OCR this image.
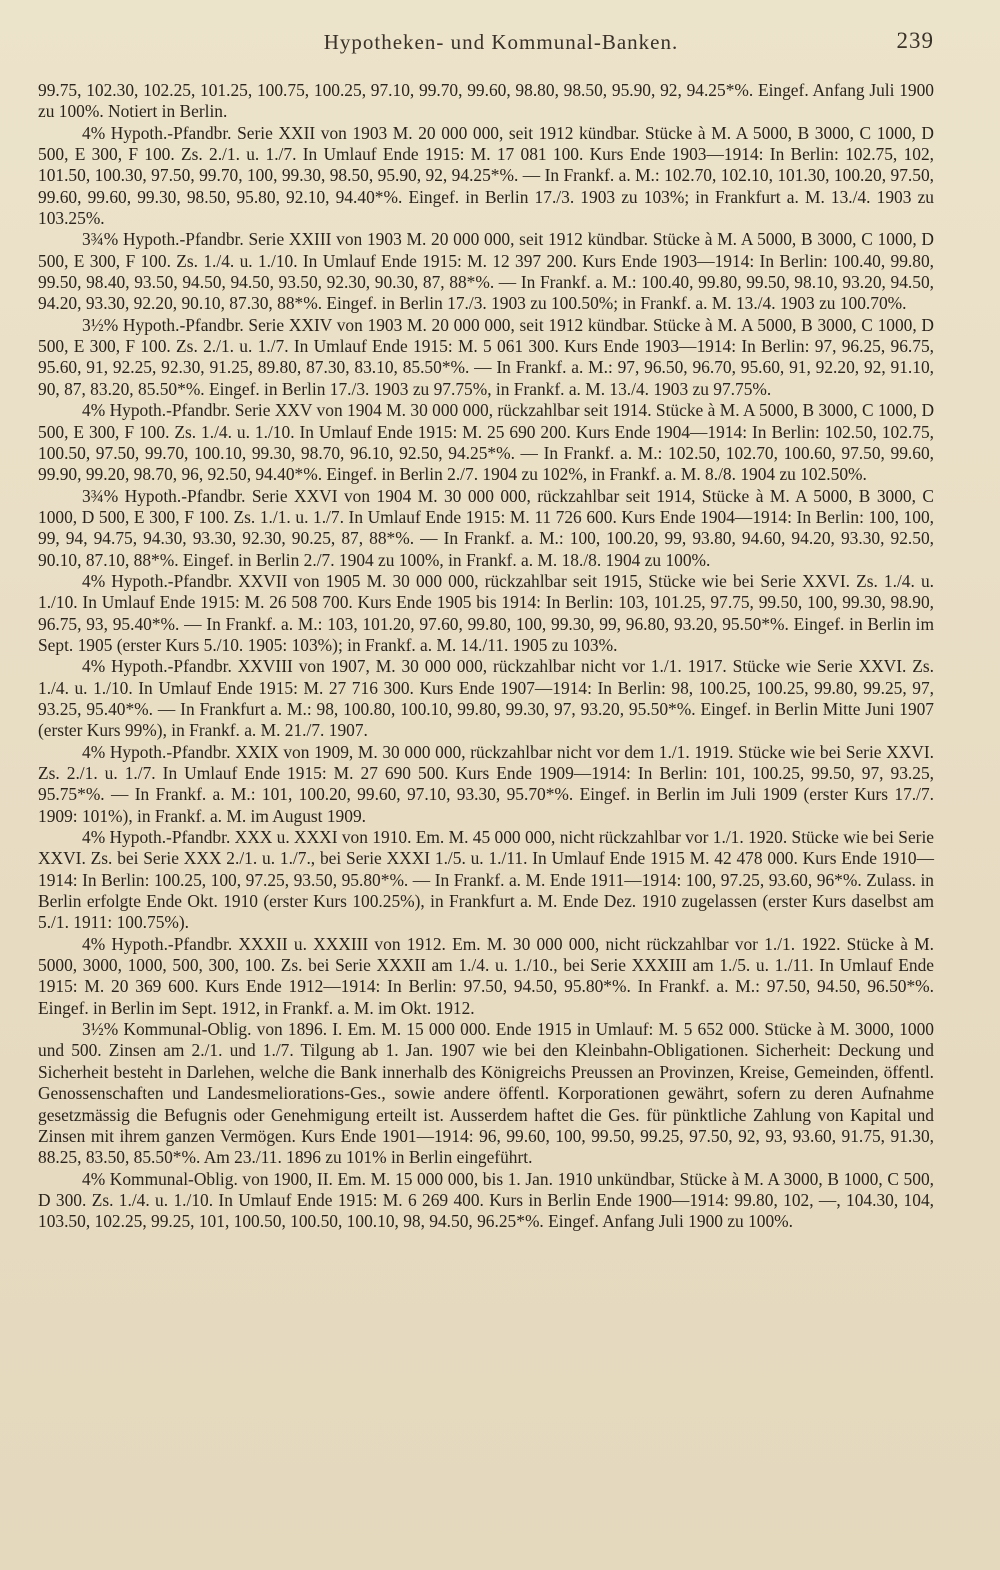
Hypotheken- und Kommunal-Banken.	239

99.75, 102.30, 102.25, 101.25, 100.75, 100.25, 97.10, 99.70, 99.60, 98.80, 98.50, 95.90, 92, 94.25*%. Eingef. Anfang Juli 1900 zu 100%. Notiert in Berlin.

4% Hypoth.-Pfandbr. Serie XXII von 1903 M. 20 000 000, seit 1912 kündbar. Stücke à M. A 5000, B 3000, C 1000, D 500, E 300, F 100. Zs. 2./1. u. 1./7. In Umlauf Ende 1915: M. 17 081 100. Kurs Ende 1903—1914: In Berlin: 102.75, 102, 101.50, 100.30, 97.50, 99.70, 100, 99.30, 98.50, 95.90, 92, 94.25*%. — In Frankf. a. M.: 102.70, 102.10, 101.30, 100.20, 97.50, 99.60, 99.60, 99.30, 98.50, 95.80, 92.10, 94.40*%. Eingef. in Berlin 17./3. 1903 zu 103%; in Frankfurt a. M. 13./4. 1903 zu 103.25%.

3¾% Hypoth.-Pfandbr. Serie XXIII von 1903 M. 20 000 000, seit 1912 kündbar. Stücke à M. A 5000, B 3000, C 1000, D 500, E 300, F 100. Zs. 1./4. u. 1./10. In Umlauf Ende 1915: M. 12 397 200. Kurs Ende 1903—1914: In Berlin: 100.40, 99.80, 99.50, 98.40, 93.50, 94.50, 94.50, 93.50, 92.30, 90.30, 87, 88*%. — In Frankf. a. M.: 100.40, 99.80, 99.50, 98.10, 93.20, 94.50, 94.20, 93.30, 92.20, 90.10, 87.30, 88*%. Eingef. in Berlin 17./3. 1903 zu 100.50%; in Frankf. a. M. 13./4. 1903 zu 100.70%.

3½% Hypoth.-Pfandbr. Serie XXIV von 1903 M. 20 000 000, seit 1912 kündbar. Stücke à M. A 5000, B 3000, C 1000, D 500, E 300, F 100. Zs. 2./1. u. 1./7. In Umlauf Ende 1915: M. 5 061 300. Kurs Ende 1903—1914: In Berlin: 97, 96.25, 96.75, 95.60, 91, 92.25, 92.30, 91.25, 89.80, 87.30, 83.10, 85.50*%. — In Frankf. a. M.: 97, 96.50, 96.70, 95.60, 91, 92.20, 92, 91.10, 90, 87, 83.20, 85.50*%. Eingef. in Berlin 17./3. 1903 zu 97.75%, in Frankf. a. M. 13./4. 1903 zu 97.75%.

4% Hypoth.-Pfandbr. Serie XXV von 1904 M. 30 000 000, rückzahlbar seit 1914. Stücke à M. A 5000, B 3000, C 1000, D 500, E 300, F 100. Zs. 1./4. u. 1./10. In Umlauf Ende 1915: M. 25 690 200. Kurs Ende 1904—1914: In Berlin: 102.50, 102.75, 100.50, 97.50, 99.70, 100.10, 99.30, 98.70, 96.10, 92.50, 94.25*%. — In Frankf. a. M.: 102.50, 102.70, 100.60, 97.50, 99.60, 99.90, 99.20, 98.70, 96, 92.50, 94.40*%. Eingef. in Berlin 2./7. 1904 zu 102%, in Frankf. a. M. 8./8. 1904 zu 102.50%.

3¾% Hypoth.-Pfandbr. Serie XXVI von 1904 M. 30 000 000, rückzahlbar seit 1914, Stücke à M. A 5000, B 3000, C 1000, D 500, E 300, F 100. Zs. 1./1. u. 1./7. In Umlauf Ende 1915: M. 11 726 600. Kurs Ende 1904—1914: In Berlin: 100, 100, 99, 94, 94.75, 94.30, 93.30, 92.30, 90.25, 87, 88*%. — In Frankf. a. M.: 100, 100.20, 99, 93.80, 94.60, 94.20, 93.30, 92.50, 90.10, 87.10, 88*%. Eingef. in Berlin 2./7. 1904 zu 100%, in Frankf. a. M. 18./8. 1904 zu 100%.

4% Hypoth.-Pfandbr. XXVII von 1905 M. 30 000 000, rückzahlbar seit 1915, Stücke wie bei Serie XXVI. Zs. 1./4. u. 1./10. In Umlauf Ende 1915: M. 26 508 700. Kurs Ende 1905 bis 1914: In Berlin: 103, 101.25, 97.75, 99.50, 100, 99.30, 98.90, 96.75, 93, 95.40*%. — In Frankf. a. M.: 103, 101.20, 97.60, 99.80, 100, 99.30, 99, 96.80, 93.20, 95.50*%. Eingef. in Berlin im Sept. 1905 (erster Kurs 5./10. 1905: 103%); in Frankf. a. M. 14./11. 1905 zu 103%.

4% Hypoth.-Pfandbr. XXVIII von 1907, M. 30 000 000, rückzahlbar nicht vor 1./1. 1917. Stücke wie Serie XXVI. Zs. 1./4. u. 1./10. In Umlauf Ende 1915: M. 27 716 300. Kurs Ende 1907—1914: In Berlin: 98, 100.25, 100.25, 99.80, 99.25, 97, 93.25, 95.40*%. — In Frankfurt a. M.: 98, 100.80, 100.10, 99.80, 99.30, 97, 93.20, 95.50*%. Eingef. in Berlin Mitte Juni 1907 (erster Kurs 99%), in Frankf. a. M. 21./7. 1907.

4% Hypoth.-Pfandbr. XXIX von 1909, M. 30 000 000, rückzahlbar nicht vor dem 1./1. 1919. Stücke wie bei Serie XXVI. Zs. 2./1. u. 1./7. In Umlauf Ende 1915: M. 27 690 500. Kurs Ende 1909—1914: In Berlin: 101, 100.25, 99.50, 97, 93.25, 95.75*%. — In Frankf. a. M.: 101, 100.20, 99.60, 97.10, 93.30, 95.70*%. Eingef. in Berlin im Juli 1909 (erster Kurs 17./7. 1909: 101%), in Frankf. a. M. im August 1909.

4% Hypoth.-Pfandbr. XXX u. XXXI von 1910. Em. M. 45 000 000, nicht rückzahlbar vor 1./1. 1920. Stücke wie bei Serie XXVI. Zs. bei Serie XXX 2./1. u. 1./7., bei Serie XXXI 1./5. u. 1./11. In Umlauf Ende 1915 M. 42 478 000. Kurs Ende 1910—1914: In Berlin: 100.25, 100, 97.25, 93.50, 95.80*%. — In Frankf. a. M. Ende 1911—1914: 100, 97.25, 93.60, 96*%. Zulass. in Berlin erfolgte Ende Okt. 1910 (erster Kurs 100.25%), in Frankfurt a. M. Ende Dez. 1910 zugelassen (erster Kurs daselbst am 5./1. 1911: 100.75%).

4% Hypoth.-Pfandbr. XXXII u. XXXIII von 1912. Em. M. 30 000 000, nicht rückzahlbar vor 1./1. 1922. Stücke à M. 5000, 3000, 1000, 500, 300, 100. Zs. bei Serie XXXII am 1./4. u. 1./10., bei Serie XXXIII am 1./5. u. 1./11. In Umlauf Ende 1915: M. 20 369 600. Kurs Ende 1912—1914: In Berlin: 97.50, 94.50, 95.80*%. In Frankf. a. M.: 97.50, 94.50, 96.50*%. Eingef. in Berlin im Sept. 1912, in Frankf. a. M. im Okt. 1912.

3½% Kommunal-Oblig. von 1896. I. Em. M. 15 000 000. Ende 1915 in Umlauf: M. 5 652 000. Stücke à M. 3000, 1000 und 500. Zinsen am 2./1. und 1./7. Tilgung ab 1. Jan. 1907 wie bei den Kleinbahn-Obligationen. Sicherheit: Deckung und Sicherheit besteht in Darlehen, welche die Bank innerhalb des Königreichs Preussen an Provinzen, Kreise, Gemeinden, öffentl. Genossenschaften und Landesmeliorations-Ges., sowie andere öffentl. Korporationen gewährt, sofern zu deren Aufnahme gesetzmässig die Befugnis oder Genehmigung erteilt ist. Ausserdem haftet die Ges. für pünktliche Zahlung von Kapital und Zinsen mit ihrem ganzen Vermögen. Kurs Ende 1901—1914: 96, 99.60, 100, 99.50, 99.25, 97.50, 92, 93, 93.60, 91.75, 91.30, 88.25, 83.50, 85.50*%. Am 23./11. 1896 zu 101% in Berlin eingeführt.

4% Kommunal-Oblig. von 1900, II. Em. M. 15 000 000, bis 1. Jan. 1910 unkündbar, Stücke à M. A 3000, B 1000, C 500, D 300. Zs. 1./4. u. 1./10. In Umlauf Ende 1915: M. 6 269 400. Kurs in Berlin Ende 1900—1914: 99.80, 102, —, 104.30, 104, 103.50, 102.25, 99.25, 101, 100.50, 100.50, 100.10, 98, 94.50, 96.25*%. Eingef. Anfang Juli 1900 zu 100%.
